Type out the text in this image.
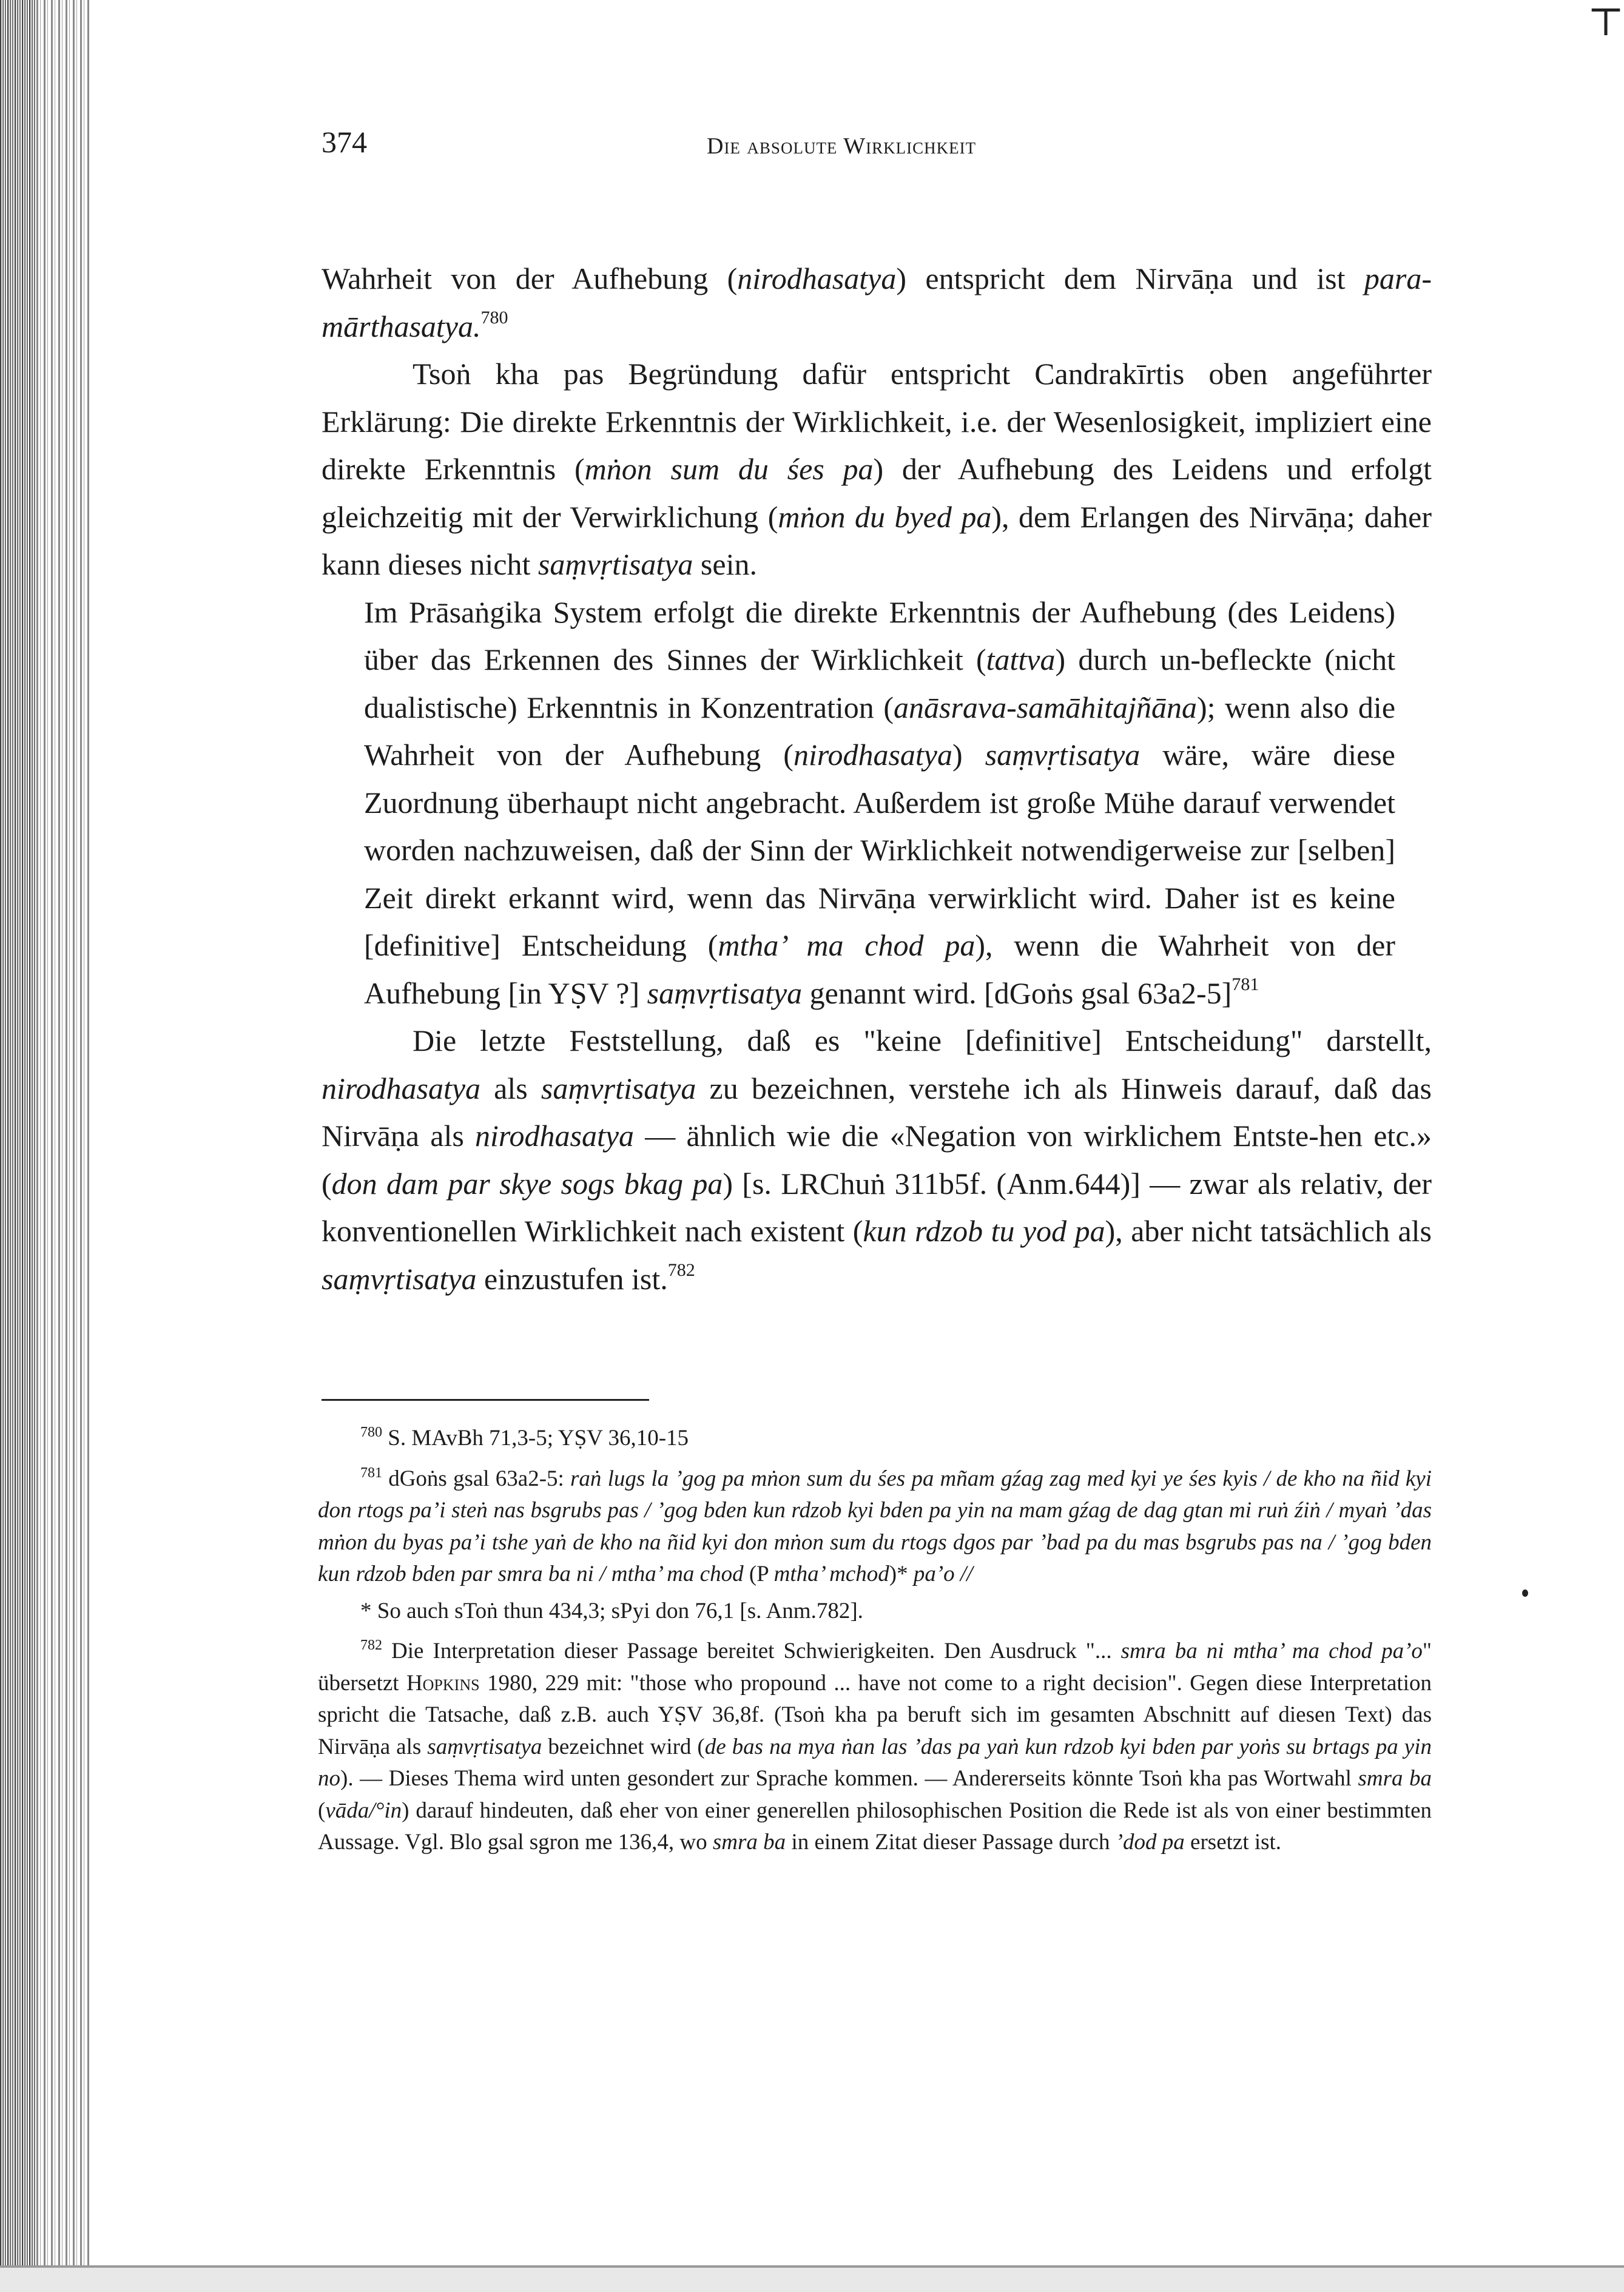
⊤
374	Die absolute Wirklichkeit

Wahrheit von der Aufhebung (nirodhasatya) entspricht dem Nirvāṇa und ist para-mārthasatya.$^{780}$

Tsoṅ kha pas Begründung dafür entspricht Candrakīrtis oben angeführter Erklärung: Die direkte Erkenntnis der Wirklichkeit, i.e. der Wesenlosigkeit, impliziert eine direkte Erkenntnis (mṅon sum du śes pa) der Aufhebung des Leidens und erfolgt gleichzeitig mit der Verwirklichung (mṅon du byed pa), dem Erlangen des Nirvāṇa; daher kann dieses nicht saṃvṛtisatya sein.

Im Prāsaṅgika System erfolgt die direkte Erkenntnis der Aufhebung (des Leidens) über das Erkennen des Sinnes der Wirklichkeit (tattva) durch un-befleckte (nicht dualistische) Erkenntnis in Konzentration (anāsrava-samāhitajñāna); wenn also die Wahrheit von der Aufhebung (nirodhasatya) saṃvṛtisatya wäre, wäre diese Zuordnung überhaupt nicht angebracht. Außerdem ist große Mühe darauf verwendet worden nachzuweisen, daß der Sinn der Wirklichkeit notwendigerweise zur [selben] Zeit direkt erkannt wird, wenn das Nirvāṇa verwirklicht wird. Daher ist es keine [definitive] Entscheidung (mtha’ ma chod pa), wenn die Wahrheit von der Aufhebung [in YṢV ?] saṃvṛtisatya genannt wird. [dGoṅs gsal 63a2-5]$^{781}$

Die letzte Feststellung, daß es "keine [definitive] Entscheidung" darstellt, nirodhasatya als saṃvṛtisatya zu bezeichnen, verstehe ich als Hinweis darauf, daß das Nirvāṇa als nirodhasatya — ähnlich wie die «Negation von wirklichem Entste-hen etc.» (don dam par skye sogs bkag pa) [s. LRChuṅ 311b5f. (Anm.644)] — zwar als relativ, der konventionellen Wirklichkeit nach existent (kun rdzob tu yod pa), aber nicht tatsächlich als saṃvṛtisatya einzustufen ist.$^{782}$

$^{780}$ S. MAvBh 71,3-5; YṢV 36,10-15

$^{781}$ dGoṅs gsal 63a2-5: raṅ lugs la ’gog pa mṅon sum du śes pa mñam gźag zag med kyi ye śes kyis / de kho na ñid kyi don rtogs pa’i steṅ nas bsgrubs pas / ’gog bden kun rdzob kyi bden pa yin na mam gźag de dag gtan mi ruṅ źiṅ / myaṅ ’das mṅon du byas pa’i tshe yaṅ de kho na ñid kyi don mṅon sum du rtogs dgos par ’bad pa du mas bsgrubs pas na / ’gog bden kun rdzob bden par smra ba ni / mtha’ ma chod (P mtha’ mchod)* pa’o //

* So auch sToṅ thun 434,3; sPyi don 76,1 [s. Anm.782].

$^{782}$ Die Interpretation dieser Passage bereitet Schwierigkeiten. Den Ausdruck "... smra ba ni mtha’ ma chod pa’o" übersetzt Hopkins 1980, 229 mit: "those who propound ... have not come to a right decision". Gegen diese Interpretation spricht die Tatsache, daß z.B. auch YṢV 36,8f. (Tsoṅ kha pa beruft sich im gesamten Abschnitt auf diesen Text) das Nirvāṇa als saṃvṛtisatya bezeichnet wird (de bas na mya ṅan las ’das pa yaṅ kun rdzob kyi bden par yoṅs su brtags pa yin no). — Dieses Thema wird unten gesondert zur Sprache kommen. — Andererseits könnte Tsoṅ kha pas Wortwahl smra ba (vāda/°in) darauf hindeuten, daß eher von einer generellen philosophischen Position die Rede ist als von einer bestimmten Aussage. Vgl. Blo gsal sgron me 136,4, wo smra ba in einem Zitat dieser Passage durch ’dod pa ersetzt ist.
